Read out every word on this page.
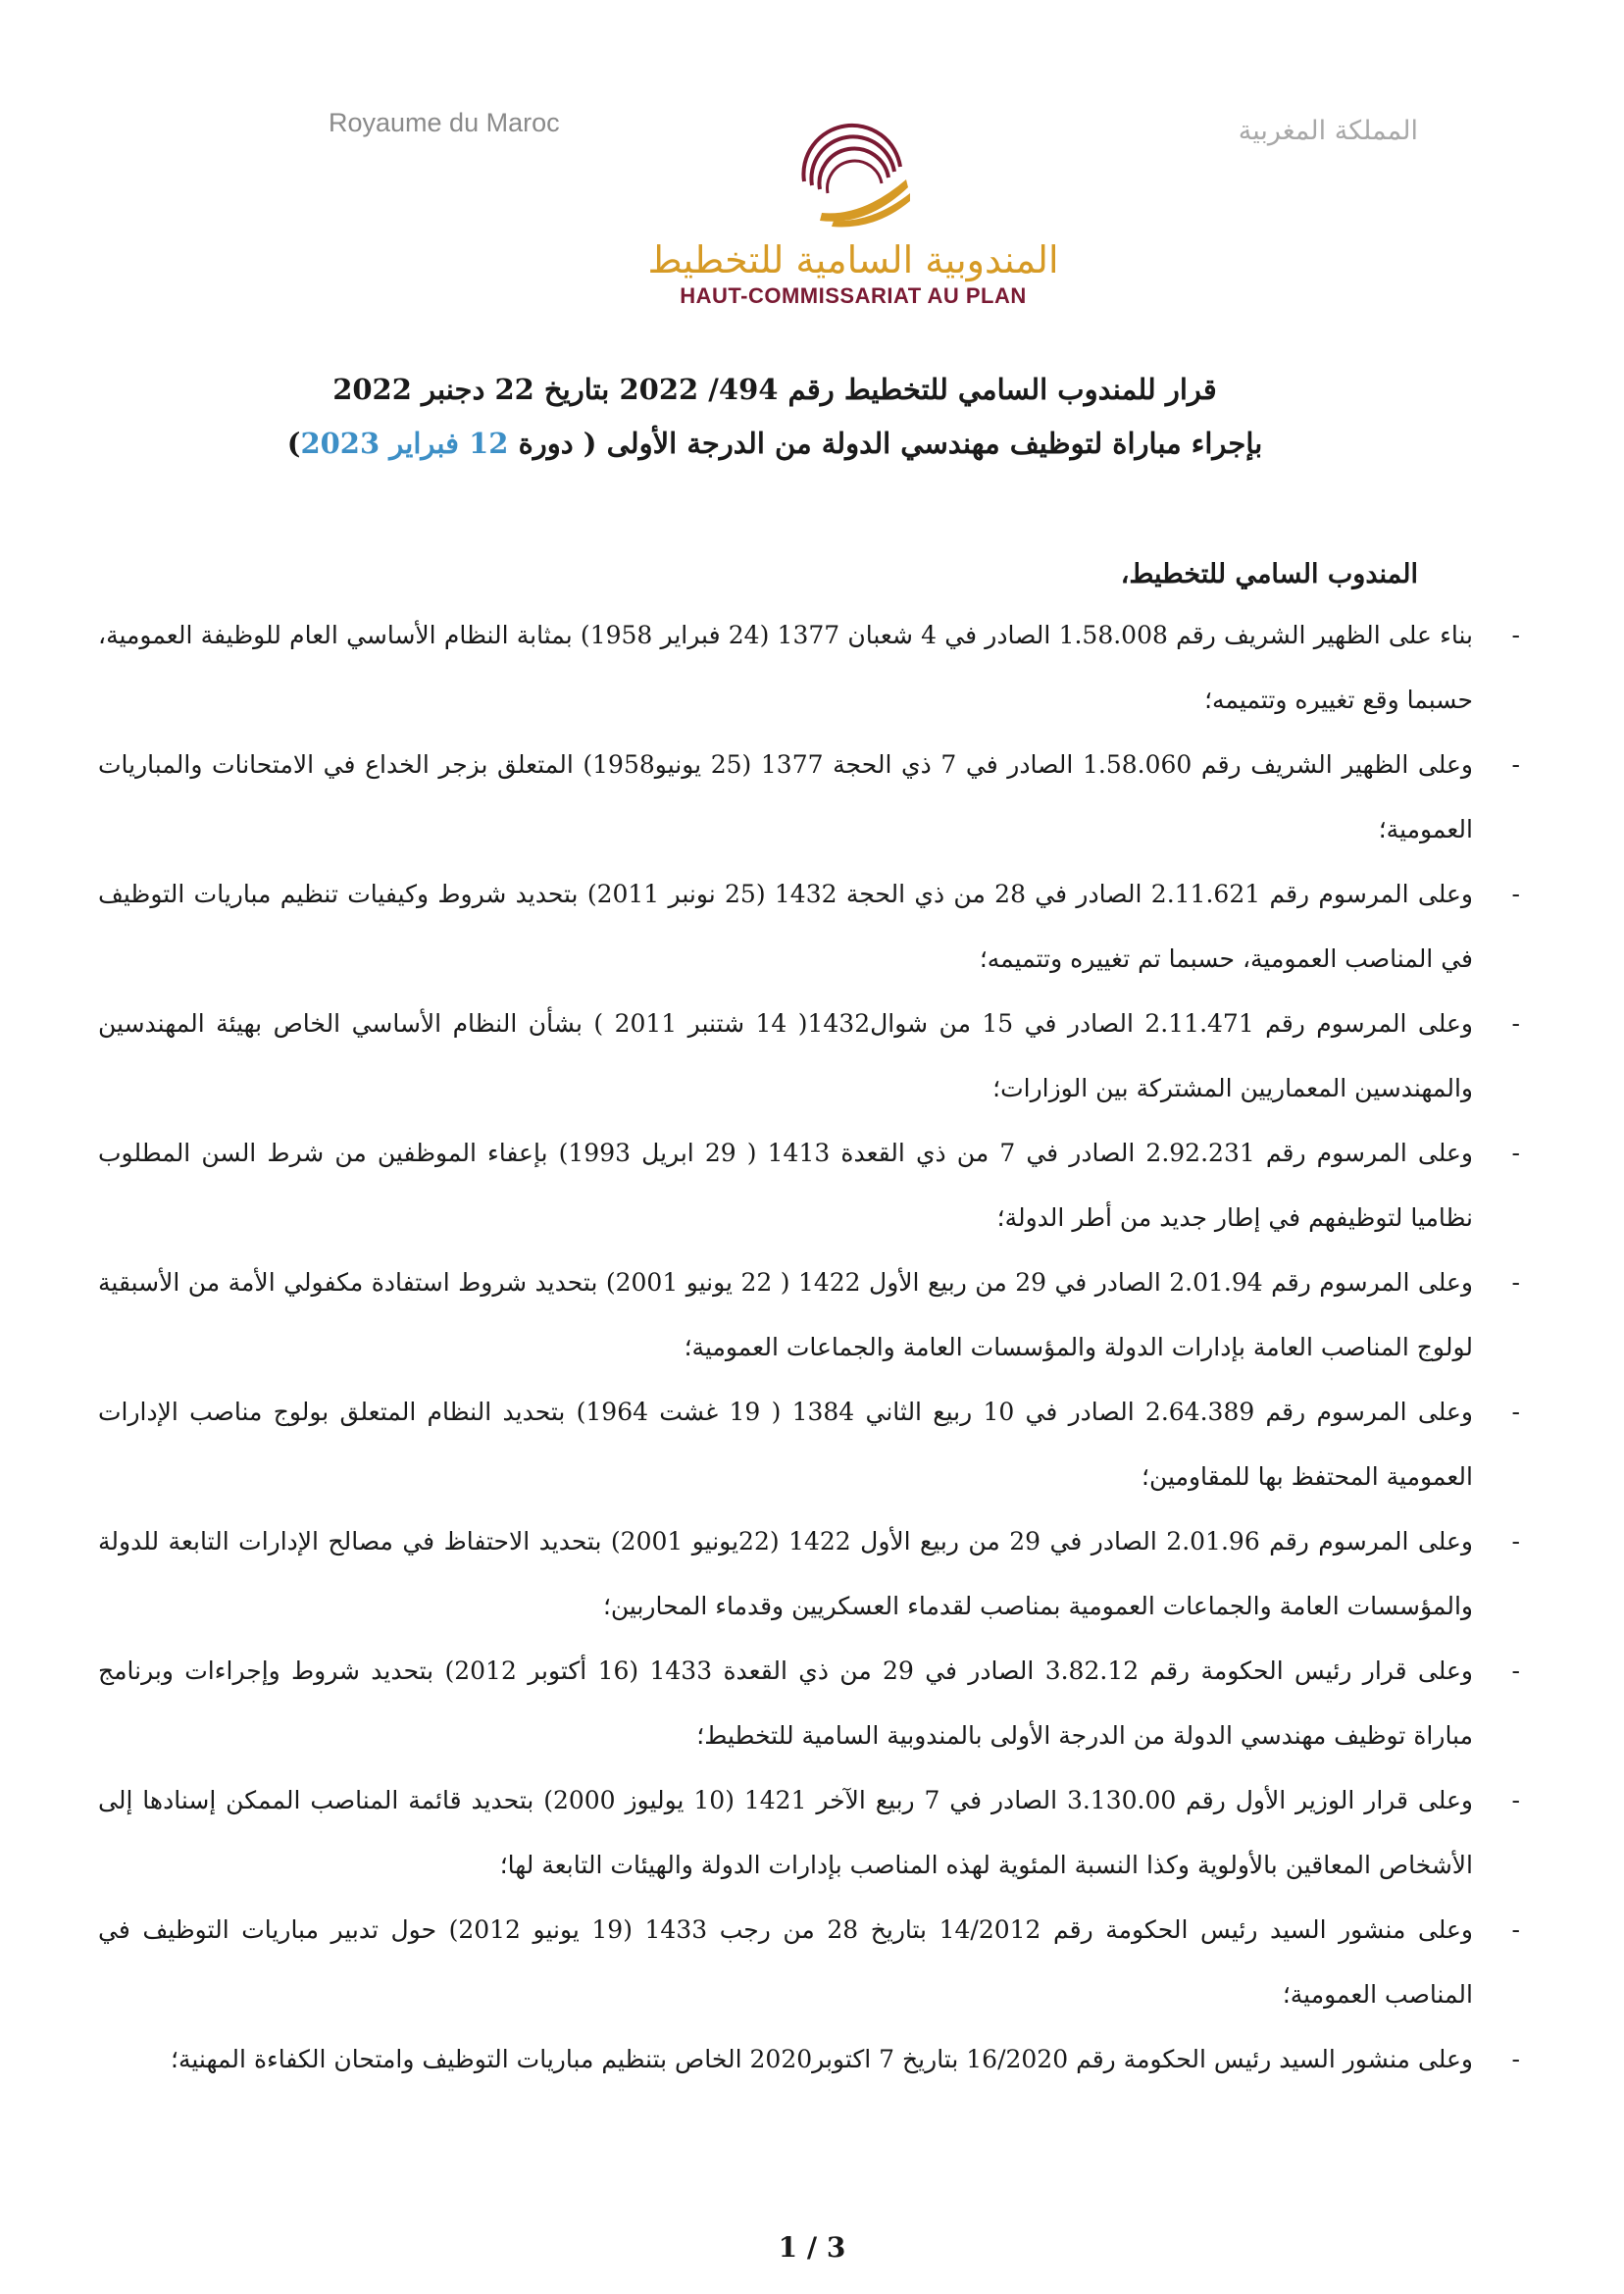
Royaume du Maroc	المملكة المغربية
المندوبية السامية للتخطيط
HAUT-COMMISSARIAT AU PLAN
قرار للمندوب السامي للتخطيط رقم 494/ 2022 بتاريخ 22 دجنبر 2022
بإجراء مباراة لتوظيف مهندسي الدولة من الدرجة الأولى ( دورة 12 فبراير 2023)
المندوب السامي للتخطيط،
-
بناء على الظهير الشريف رقم 1.58.008 الصادر في 4 شعبان 1377 (24 فبراير 1958) بمثابة النظام الأساسي العام للوظيفة العمومية، حسبما وقع تغييره وتتميمه؛
-
وعلى الظهير الشريف رقم 1.58.060 الصادر في 7 ذي الحجة 1377 (25 يونيو1958) المتعلق بزجر الخداع في الامتحانات والمباريات العمومية؛
-
وعلى المرسوم رقم 2.11.621 الصادر في 28 من ذي الحجة 1432 (25 نونبر 2011) بتحديد شروط وكيفيات تنظيم مباريات التوظيف في المناصب العمومية، حسبما تم تغييره وتتميمه؛
-
وعلى المرسوم رقم 2.11.471 الصادر في 15 من شوال1432( 14 شتنبر 2011 ) بشأن النظام الأساسي الخاص بهيئة المهندسين والمهندسين المعماريين المشتركة بين الوزارات؛
-
وعلى المرسوم رقم 2.92.231 الصادر في 7 من ذي القعدة 1413 ( 29 ابريل 1993) بإعفاء الموظفين من شرط السن المطلوب نظاميا لتوظيفهم في إطار جديد من أطر الدولة؛
-
وعلى المرسوم رقم 2.01.94 الصادر في 29 من ربيع الأول 1422 ( 22 يونيو 2001) بتحديد شروط استفادة مكفولي الأمة من الأسبقية لولوج المناصب العامة بإدارات الدولة والمؤسسات العامة والجماعات العمومية؛
-
وعلى المرسوم رقم 2.64.389 الصادر في 10 ربيع الثاني 1384 ( 19 غشت 1964) بتحديد النظام المتعلق بولوج مناصب الإدارات العمومية المحتفظ بها للمقاومين؛
-
وعلى المرسوم رقم 2.01.96 الصادر في 29 من ربيع الأول 1422 (22يونيو 2001) بتحديد الاحتفاظ في مصالح الإدارات التابعة للدولة والمؤسسات العامة والجماعات العمومية بمناصب لقدماء العسكريين وقدماء المحاربين؛
-
وعلى قرار رئيس الحكومة رقم 3.82.12 الصادر في 29 من ذي القعدة 1433 (16 أكتوبر 2012) بتحديد شروط وإجراءات وبرنامج مباراة توظيف مهندسي الدولة من الدرجة الأولى بالمندوبية السامية للتخطيط؛
-
وعلى قرار الوزير الأول رقم 3.130.00 الصادر في 7 ربيع الآخر 1421 (10 يوليوز 2000) بتحديد قائمة المناصب الممكن إسنادها إلى الأشخاص المعاقين بالأولوية وكذا النسبة المئوية لهذه المناصب بإدارات الدولة والهيئات التابعة لها؛
-
وعلى منشور السيد رئيس الحكومة رقم 14/2012 بتاريخ 28 من رجب 1433 (19 يونيو 2012) حول تدبير مباريات التوظيف في المناصب العمومية؛
-
وعلى منشور السيد رئيس الحكومة رقم 16/2020 بتاريخ 7 اكتوبر2020 الخاص بتنظيم مباريات التوظيف وامتحان الكفاءة المهنية؛
1 / 3
